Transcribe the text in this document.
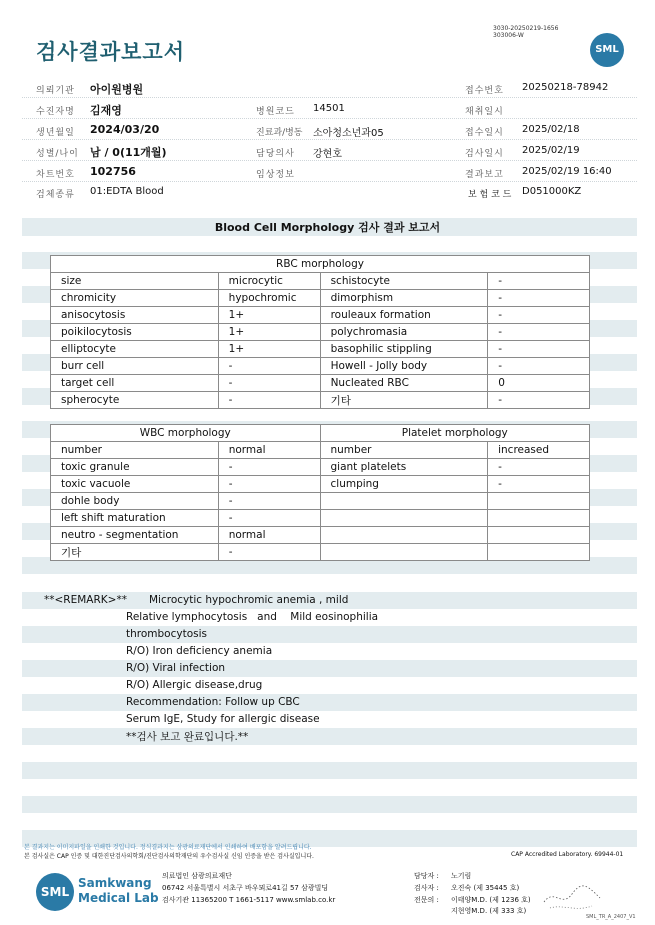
검사결과보고서
3030-20250219-1656
303006-W
SML
의뢰기관 아이원병원	접수번호 20250218-78942
수진자명 김재영	병원코드 14501	채취일시
생년월일 2024/03/20	진료과/병동 소아청소년과05	접수일시 2025/02/18
성별/나이 남 / 0(11개월)	담당의사 강현호	검사일시 2025/02/19
차트번호 102756	임상정보	결과보고 2025/02/19 16:40
검체종류 01:EDTA Blood	보 험 코 드 D051000KZ
Blood Cell Morphology 검사 결과 보고서
RBC morphology			
size	microcytic	schistocyte	-
chromicity	hypochromic	dimorphism	-
anisocytosis	1+	rouleaux formation	-
poikilocytosis	1+	polychromasia	-
elliptocyte	1+	basophilic stippling	-
burr cell	-	Howell - Jolly body	-
target cell	-	Nucleated RBC	0
spherocyte	-	기타	-
WBC morphology		Platelet morphology	
number	normal	number	increased
toxic granule	-	giant platelets	-
toxic vacuole	-	clumping	-
dohle body	-		
left shift maturation	-		
neutro - segmentation	normal		
기타	-		
**<REMARK>** Microcytic hypochromic anemia , mild
Relative lymphocytosis   and    Mild eosinophilia
thrombocytosis
R/O) Iron deficiency anemia
R/O) Viral infection
R/O) Allergic disease,drug
Recommendation: Follow up CBC
Serum IgE, Study for allergic disease
**검사 보고 완료입니다.**
본 결과지는 이미지파일을 인쇄한 것입니다. 정식결과지는 삼광의료재단에서 인쇄하여 배포함을 알려드립니다.
본 검사실은 CAP 인증 및 대한진단검사의학회/진단검사의학재단의 우수검사실 신임 인증을 받은 검사실입니다.	CAP Accredited Laboratory. 69944-01
SML
Samkwang
Medical Lab
의료법인 삼광의료재단
06742 서울특별시 서초구 바우뫼로41길 57 삼광빌딩
검사기관 11365200 T 1661-5117 www.smlab.co.kr
담당자 : 노기림
검사자 : 오진숙 (제 35445 호)
전문의 : 이태양M.D. (제 1236 호)
지현영M.D. (제 333 호)
SML_TR_A_2407_V1
